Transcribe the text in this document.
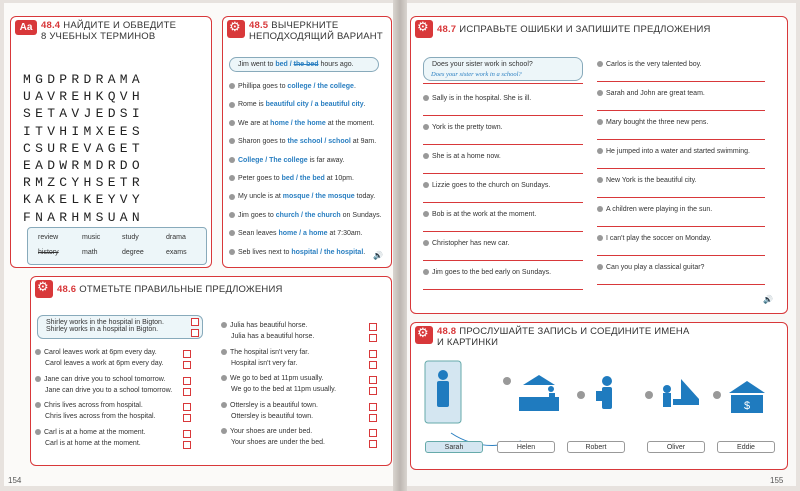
Aa 48.4 НАЙДИТЕ И ОБВЕДИТЕ
8 УЧЕБНЫХ ТЕРМИНОВ
MGDPRDRAMA
UAVREHKQVH
SETAVJEDSI
ITVHIMXEES
CSUREVAGET
EADWRMDRDO
RMZCYHSETR
KAKELKEYVY
FNARHMSUAN
review	music	study	drama
history	math	degree	exams
⚙
48.5 ВЫЧЕРКНИТЕ
НЕПОДХОДЯЩИЙ ВАРИАНТ
Jim went to bed / the bed hours ago.
Phillipa goes to college / the college.
Rome is beautiful city / a beautiful city.
We are at home / the home at the moment.
Sharon goes to the school / school at 9am.
College / The college is far away.
Peter goes to bed / the bed at 10pm.
My uncle is at mosque / the mosque today.
Jim goes to church / the church on Sundays.
Sean leaves home / a home at 7:30am.
Seb lives next to hospital / the hospital. 🔊
⚙
48.6 ОТМЕТЬТЕ ПРАВИЛЬНЫЕ ПРЕДЛОЖЕНИЯ
Shirley works in the hospital in Bigton.
Shirley works in a hospital in Bigton.
Carol leaves work at 6pm every day.
Carol leaves a work at 6pm every day.
Jane can drive you to school tomorrow.
Jane can drive you to a school tomorrow.
Chris lives across from hospital.
Chris lives across from the hospital.
Carl is at a home at the moment.
Carl is at home at the moment.
Julia has beautiful horse.
Julia has a beautiful horse.
The hospital isn't very far.
Hospital isn't very far.
We go to bed at 11pm usually.
We go to the bed at 11pm usually.
Ottersley is a beautiful town.
Ottersley is beautiful town.
Your shoes are under bed.
Your shoes are under the bed.
⚙
48.7 ИСПРАВЬТЕ ОШИБКИ И ЗАПИШИТЕ ПРЕДЛОЖЕНИЯ
Does your sister work in school?
Does your sister work in a school?
Sally is in the hospital. She is ill.
York is the pretty town.
She is at a home now.
Lizzie goes to the church on Sundays.
Bob is at the work at the moment.
Christopher has new car.
Jim goes to the bed early on Sundays.
Carlos is the very talented boy.
Sarah and John are great team.
Mary bought the three new pens.
He jumped into a water and started swimming.
New York is the beautiful city.
A children were playing in the sun.
I can't play the soccer on Monday.
Can you play a classical guitar?
🔊
⚙
48.8 ПРОСЛУШАЙТЕ ЗАПИСЬ И СОЕДИНИТЕ ИМЕНА
И КАРТИНКИ
$
Sarah	Helen	Robert	Oliver	Eddie
154	155
